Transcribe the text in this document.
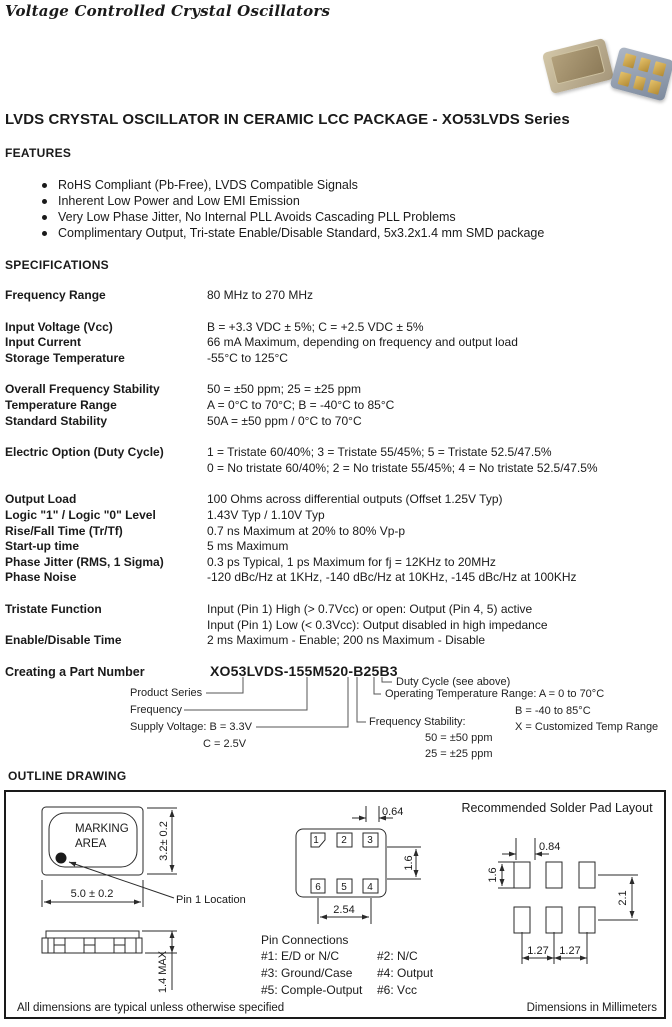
Voltage Controlled Crystal Oscillators
LVDS CRYSTAL OSCILLATOR IN CERAMIC LCC PACKAGE - XO53LVDS Series
FEATURES
RoHS Compliant (Pb-Free), LVDS Compatible Signals
Inherent Low Power and Low EMI Emission
Very Low Phase Jitter, No Internal PLL Avoids Cascading PLL Problems
Complimentary Output, Tri-state Enable/Disable Standard, 5x3.2x1.4 mm SMD package
SPECIFICATIONS
Frequency Range	80 MHz to 270 MHz
Input Voltage (Vcc)	B = +3.3 VDC ± 5%; C = +2.5 VDC ± 5%
Input Current	66 mA Maximum, depending on frequency and output load
Storage Temperature	-55°C to 125°C
Overall Frequency Stability	50 = ±50 ppm; 25 = ±25 ppm
Temperature Range	A = 0°C to 70°C; B = -40°C to 85°C
Standard Stability	50A = ±50 ppm / 0°C to 70°C
Electric Option (Duty Cycle)	1 = Tristate 60/40%; 3 = Tristate 55/45%; 5 = Tristate 52.5/47.5%
0 = No tristate 60/40%; 2 = No tristate 55/45%; 4 = No tristate 52.5/47.5%
Output Load	100 Ohms across differential outputs (Offset 1.25V Typ)
Logic "1" / Logic "0" Level	1.43V Typ / 1.10V Typ
Rise/Fall Time (Tr/Tf)	0.7 ns Maximum at 20% to 80% Vp-p
Start-up time	5 ms Maximum
Phase Jitter (RMS, 1 Sigma)	0.3 ps Typical, 1 ps Maximum for fj = 12KHz to 20MHz
Phase Noise	-120 dBc/Hz at 1KHz, -140 dBc/Hz at 10KHz, -145 dBc/Hz at 100KHz
Tristate Function	Input (Pin 1) High (> 0.7Vcc) or open: Output (Pin 4, 5) active
Input (Pin 1) Low (< 0.3Vcc): Output disabled in high impedance
Enable/Disable Time	2 ms Maximum - Enable; 200 ns Maximum - Disable
Creating a Part Number	XO53LVDS-155M520-B25B3
Product Series
Frequency
Supply Voltage: B = 3.3V
C = 2.5V
Duty Cycle (see above)
Operating Temperature Range: A = 0 to 70°C
B = -40 to 85°C
X = Customized Temp Range
Frequency Stability:
50 = ±50 ppm
25 = ±25 ppm
OUTLINE DRAWING
MARKING
AREA	3.2± 0.2
5.0 ± 0.2	Pin 1 Location
1.4 MAX
1 2 3
6 5 4
0.64
1.6
2.54
Recommended Solder Pad Layout
0.84
1.6
2.1
1.27 1.27
Pin Connections
#1: E/D or N/C	#2: N/C
#3: Ground/Case #4: Output
#5: Comple-Output #6: Vcc
All dimensions are typical unless otherwise specified	Dimensions in Millimeters
